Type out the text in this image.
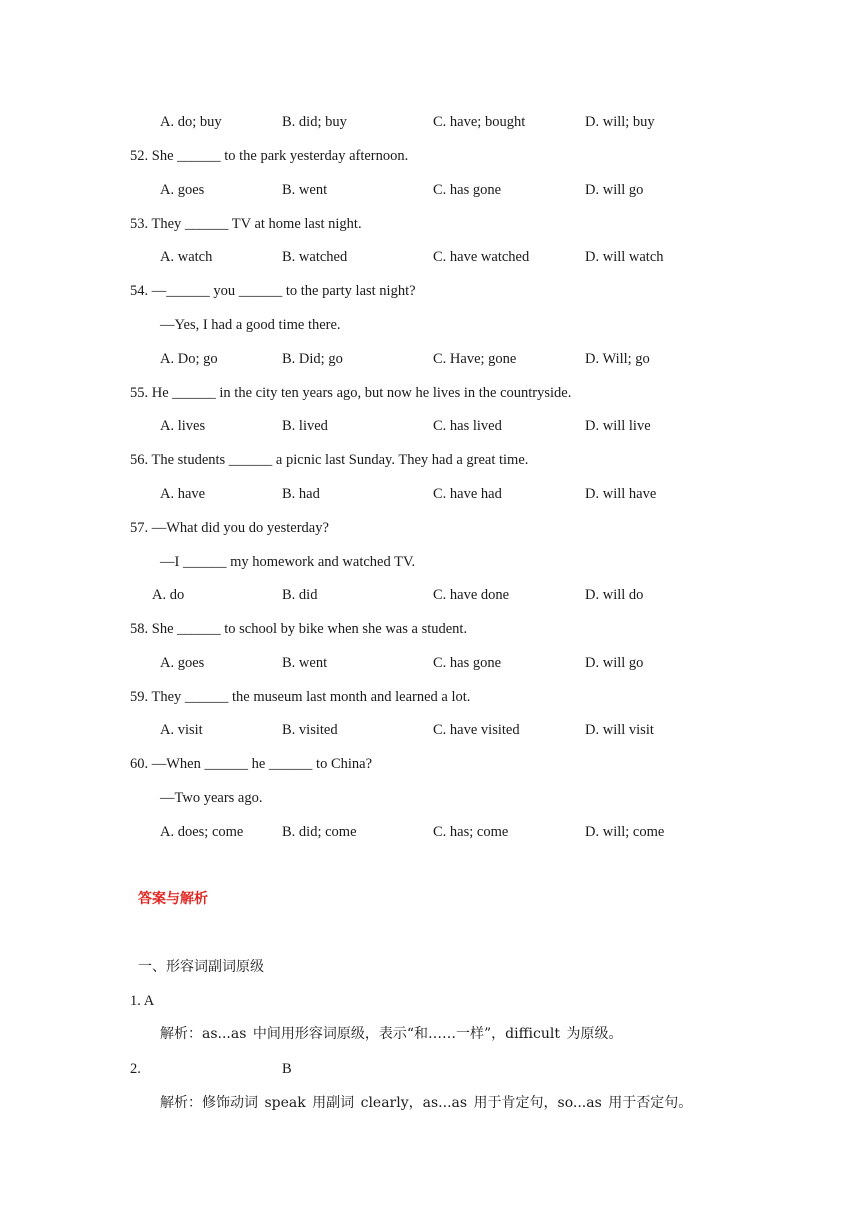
A. do; buy	B. did; buy	C. have; bought	D. will; buy
52. She ______ to the park yesterday afternoon.
A. goes	B. went	C. has gone	D. will go
53. They ______ TV at home last night.
A. watch	B. watched	C. have watched	D. will watch
54. —______ you ______ to the party last night?
—Yes, I had a good time there.
A. Do; go	B. Did; go	C. Have; gone	D. Will; go
55. He ______ in the city ten years ago, but now he lives in the countryside.
A. lives	B. lived	C. has lived	D. will live
56. The students ______ a picnic last Sunday. They had a great time.
A. have	B. had	C. have had	D. will have
57. —What did you do yesterday?
—I ______ my homework and watched TV.
A. do	B. did	C. have done	D. will do
58. She ______ to school by bike when she was a student.
A. goes	B. went	C. has gone	D. will go
59. They ______ the museum last month and learned a lot.
A. visit	B. visited	C. have visited	D. will visit
60. —When ______ he ______ to China?
—Two years ago.
A. does; come	B. did; come	C. has; come	D. will; come
答案与解析
一、形容词副词原级
1. A
解析：as...as 中间用形容词原级，表示“和……一样”，difficult 为原级。
2.	B
解析：修饰动词 speak 用副词 clearly，as...as 用于肯定句，so...as 用于否定句。
